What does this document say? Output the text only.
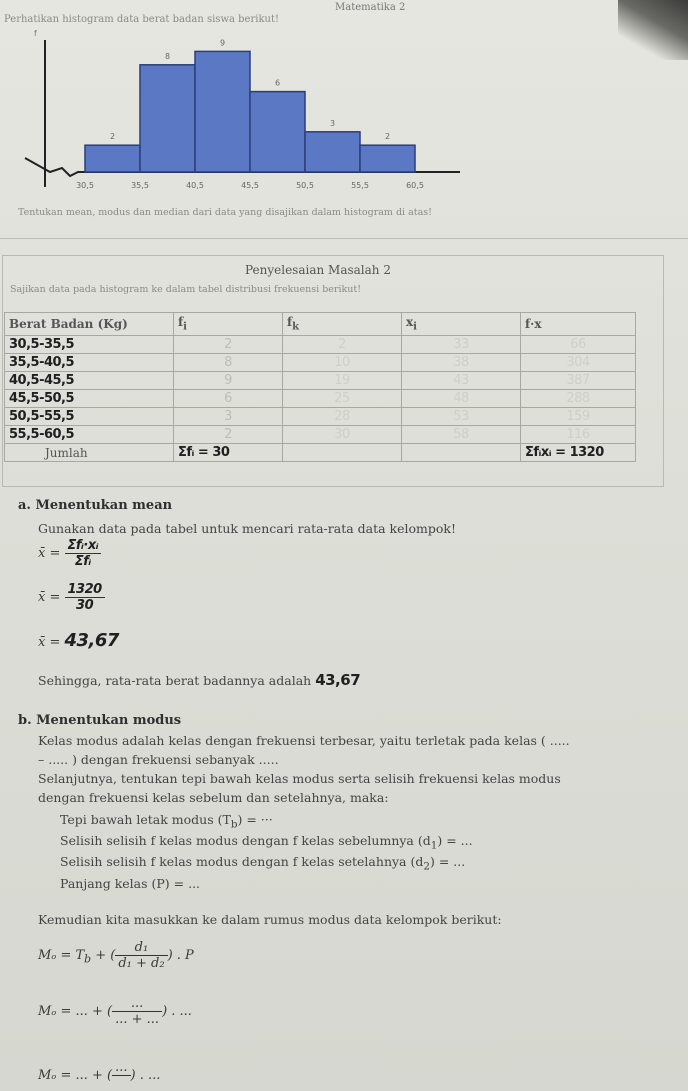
Matematika 2
Perhatikan histogram data berat badan siswa berikut!
2
8
9
6
3
2
30,5	35,5	40,5	45,5	50,5	55,5	60,5
f
Tentukan mean, modus dan median dari data yang disajikan dalam histogram di atas!
Penyelesaian Masalah 2
Sajikan data pada histogram ke dalam tabel distribusi frekuensi berikut!
Berat Badan (Kg)	$f_i$	$f_k$	$x_i$	f·x
30,5-35,5	2	2	33	66
35,5-40,5	8	10	38	304
40,5-45,5	9	19	43	387
45,5-50,5	6	25	48	288
50,5-55,5	3	28	53	159
55,5-60,5	2	30	58	116
Jumlah	Σfᵢ = 30			Σfᵢxᵢ = 1320
a. Menentukan mean
Gunakan data pada tabel untuk mencari rata-rata data kelompok!
x̄ = $\frac{\text{Σfᵢ·xᵢ}}{\text{Σfᵢ}}$
x̄ = $\frac{1320}{30}$
x̄ = 43,67
Sehingga, rata-rata berat badannya adalah 43,67
b. Menentukan modus
Kelas modus adalah kelas dengan frekuensi terbesar, yaitu terletak pada kelas ( .....
– ..... ) dengan frekuensi sebanyak .....
Selanjutnya, tentukan tepi bawah kelas modus serta selisih frekuensi kelas modus
dengan frekuensi kelas sebelum dan setelahnya, maka:
Tepi bawah letak modus $(T_b)$ = ···
Selisih selisih f kelas modus dengan f kelas sebelumnya $(d_1)$ = ...
Selisih selisih f kelas modus dengan f kelas setelahnya $(d_2)$ = ...
Panjang kelas (P) = ...
Kemudian kita masukkan ke dalam rumus modus data kelompok berikut:
$M_o = T_b$ + ( $\frac{\text{d₁}}{\text{d₁ + d₂}}$ ) . P
Mₒ = ... + ( $\frac{...}{... + ...}$ ) . ...
Mₒ = ... + (
...

) . ...
